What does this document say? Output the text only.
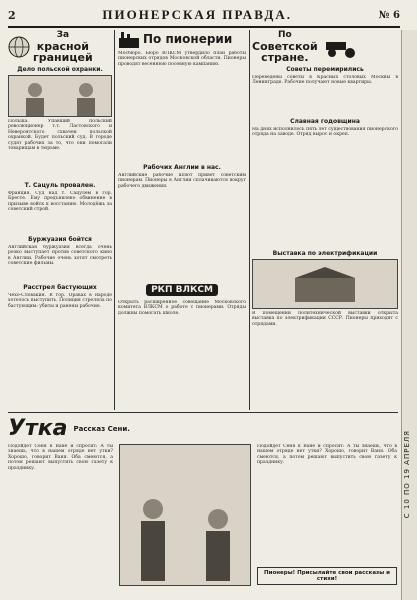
2	ПИОНЕРСКАЯ ПРАВДА.	№ 6
За
красной
границей
Дело польской охранки.
Польша. Упавший польский революционер т.т. Ластовского и Невероятского схвачен польской охранкой. Будет польский суд. В городе судят рабочих за то, что они помогали товарищам в тюрьме.
Т. Сацуль провален.
Франция. Суд над т. Сацулем в гор. Бресте. Ему предъявлено обвинение в призыве войск к восстанию. Молодёжь за советский строй.
Буржуазия бойтся
Английская буржуазия всегда очень резко выступает против советского кино в Англии. Рабочие очень хотят смотреть советские фильмы.
Расстрел бастующих
Чехо-Словакия. В гор. Оравах в народе хотелось выступить. Полиция стреляла по бастующим: убиты и ранены рабочие.
По пионерии
Мосбюро. Бюро ВЛКСМ утвердило план работы пионерских отрядов Московской области. Пионеры проводят весеннюю посевную кампанию.
Рабочих Англии в нас.
Английские рабочие шлют привет советским пионерам. Пионеры в Англии сплачиваются вокруг рабочего движения.
РКП ВЛКСМ
Открыть расширенное совещание Московского комитета ВЛКСМ о работе с пионерами. Отряды должны помогать школе.
По
Советской
стране.
Советы перемирились
Переведены советы в Красных столовых Москвы в Ленинграде. Рабочие получают новые квартиры.
Славная годовщина
На днях исполнилось пять лет существования пионерского отряда на заводе. Отряд вырос и окреп.
Выставка по электрификации
В помещении политехнической выставки открыта выставка по электрификации СССР. Пионеры приходят с отрядами.
Утка Рассказ Сени.
Подойдёт Сеня к Ване и спросит: А ты знаешь, что в нашем отряде нет утки? Хорошо, говорит Ваня. Оба смеются, а потом решают выпустить свою газету к празднику.
Подойдёт Сеня к Ване и спросит: А ты знаешь, что в нашем отряде нет утки? Хорошо, говорит Ваня. Оба смеются, а потом решают выпустить свою газету к празднику.
Пионеры! Присылайте свои рассказы и стихи!
С 10 ПО 19 АПРЕЛЯ
